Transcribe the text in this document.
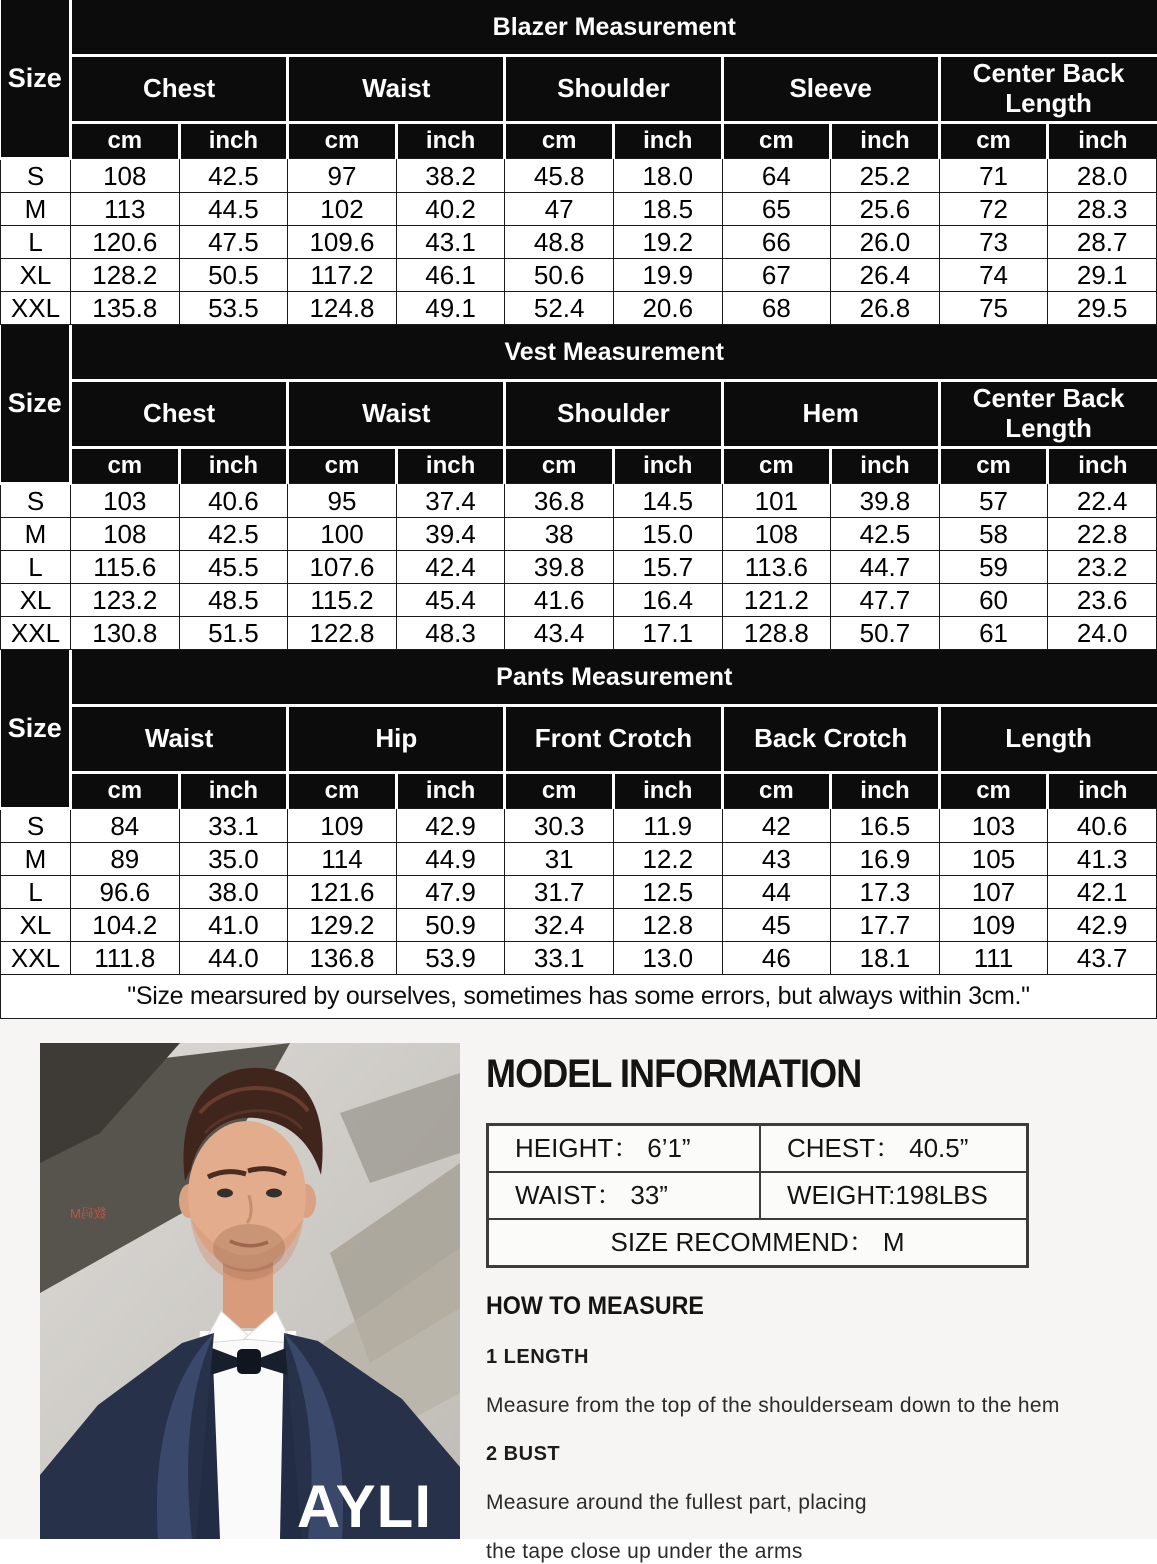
Size	Blazer Measurement									
	Chest		Waist		Shoulder		Sleeve		Center Back Length	
	cm	inch	cm	inch	cm	inch	cm	inch	cm	inch
S	108	42.5	97	38.2	45.8	18.0	64	25.2	71	28.0
M	113	44.5	102	40.2	47	18.5	65	25.6	72	28.3
L	120.6	47.5	109.6	43.1	48.8	19.2	66	26.0	73	28.7
XL	128.2	50.5	117.2	46.1	50.6	19.9	67	26.4	74	29.1
XXL	135.8	53.5	124.8	49.1	52.4	20.6	68	26.8	75	29.5
Size	Vest Measurement									
	Chest		Waist		Shoulder		Hem		Center Back Length	
	cm	inch	cm	inch	cm	inch	cm	inch	cm	inch
S	103	40.6	95	37.4	36.8	14.5	101	39.8	57	22.4
M	108	42.5	100	39.4	38	15.0	108	42.5	58	22.8
L	115.6	45.5	107.6	42.4	39.8	15.7	113.6	44.7	59	23.2
XL	123.2	48.5	115.2	45.4	41.6	16.4	121.2	47.7	60	23.6
XXL	130.8	51.5	122.8	48.3	43.4	17.1	128.8	50.7	61	24.0
Size	Pants Measurement									
	Waist		Hip		Front Crotch		Back Crotch		Length	
	cm	inch	cm	inch	cm	inch	cm	inch	cm	inch
S	84	33.1	109	42.9	30.3	11.9	42	16.5	103	40.6
M	89	35.0	114	44.9	31	12.2	43	16.9	105	41.3
L	96.6	38.0	121.6	47.9	31.7	12.5	44	17.3	107	42.1
XL	104.2	41.0	129.2	50.9	32.4	12.8	45	17.7	109	42.9
XXL	111.8	44.0	136.8	53.9	33.1	13.0	46	18.1	111	43.7
"Size mearsured by ourselves, sometimes has some errors, but always within 3cm."
数码M
AYLI
MODEL INFORMATION
HEIGHT： 6’1”	CHEST： 40.5”
WAIST： 33”	WEIGHT:198LBS
SIZE RECOMMEND： M
HOW TO MEASURE
1 LENGTH
Measure from the top of the shoulderseam down to the hem
2 BUST
Measure around the fullest part, placing
the tape close up under the arms
